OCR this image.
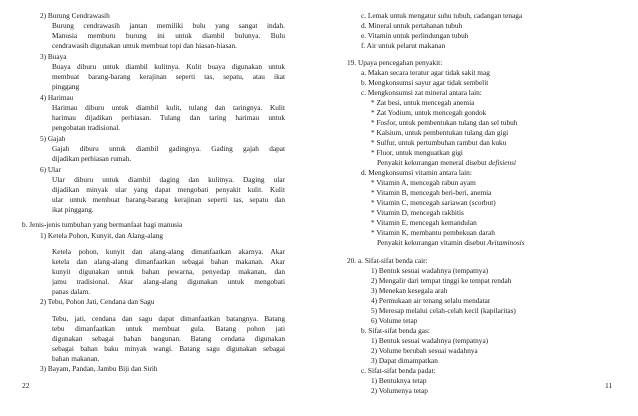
2) Burung Cendrawasih
Burung cendrawasih jantan memiliki bulu yang sangat indah.
Manusia memburu burung ini untuk diambil bulunya. Bulu
cendrawasih digunakan untuk membuat topi dan hiasan-hiasan.
3) Buaya
Buaya diburu untuk diambil kulitnya. Kulit buaya digunakan untuk
membuat barang-barang kerajinan seperti tas, sepatu, atau ikat
pinggang
4) Harimau
Harimau diburu untuk diambil kulit, tulang dan taringnya. Kulit
harimau dijadikan perhiasan. Tulang dan taring harimau untuk
pengobatan tradisional.
5) Gajah
Gajah diburu untuk diambil gadingnya. Gading gajah dapat
dijadikan perhiasan rumah.
6) Ular
Ular diburu untuk diambil daging dan kulitnya. Daging ular
dijadikan minyak ular yang dapat mengobati penyakit kulit. Kulit
ular untuk membuat barang-barang kerajinan seperti tas, sepatu dan
ikat pinggang.
b. Jenis-jenis tumbuhan yang bermanfaat bagi manusia
1) Ketela Pohon, Kunyit, dan Alang-alang
Ketela pohon, kunyit dan alang-alang dimanfaatkan akarnya. Akar
ketela dan alang-alang dimanfaatkan sebagai bahan makanan. Akar
kunyit digunakan untuk bahan pewarna, penyedap makanan, dan
jamu tradisional. Akar alang-alang digunakan untuk mengobati
panas dalam.
2) Tebu, Pohon Jati, Cendana dan Sagu
Tebu, jati, cendana dan sagu dapat dimanfaatkan batangnya. Batang
tebu dimanfaatkan untuk membuat gula. Batang pohon jati
digunakan sebagai bahan bangunan. Batang cendana digunakan
sebagai bahan baku minyak wangi. Batang sagu digunakan sebagai
bahan makanan.
3) Bayam, Pandan, Jambu Biji dan Sirih
22
c. Lemak untuk mengatur suhu tubuh, cadangan tenaga
d. Mineral untuk pertahanan tubuh
e. Vitamin untuk perlindungan tubuh
f. Air untuk pelarut makanan
19. Upaya pencegahan penyakit:
a. Makan secara teratur agar tidak sakit mag
b. Mengkonsumsi sayur agar tidak sembelit
c. Mengkonsumsi zat mineral antara lain:
* Zat besi, untuk mencegah anemia
* Zat Yodium, untuk mencegah gondok
* Fosfor, untuk pembentukan tulang dan sel tubuh
* Kalsium, untuk pembentukan tulang dan gigi
* Sulfur, untuk pertumbuhan rambut dan kuku
* Fluor, untuk menguatkan gigi
Penyakit kekurangan meneral disebut defisiensi
d. Mengkonsumsi vitamin antara lain:
* Vitamin A, mencegah rabun ayam
* Vitamin B, mencegah beri-beri, anemia
* Vitamin C, mencegah sariawan (scorbut)
* Vitamin D, mencegah rakhitis
* Vitamin E, mencegah kemandulan
* Vitamin K, membantu pembekuan darah
Penyakit kekurangan vitamin disebut Avitaminosis
20. a. Sifat-sifat benda cair:
1) Bentuk sesuai wadahnya (tempatnya)
2) Mengalir dari tempat tinggi ke tempat rendah
3) Menekan kesegala arah
4) Permukaan air tenang selalu mendatar
5) Meresap melalui celah-celah kecil (kapilaritas)
6) Volume tetap
b. Sifat-sifat benda gas:
1) Bentuk sesuai wadahnya (tempatnya)
2) Volume berubah sesuai wadahnya
3) Dapat dimampatkan
c. Sifat-sifat benda padat:
1) Bentuknya tetap
2) Volumenya tetap
11
